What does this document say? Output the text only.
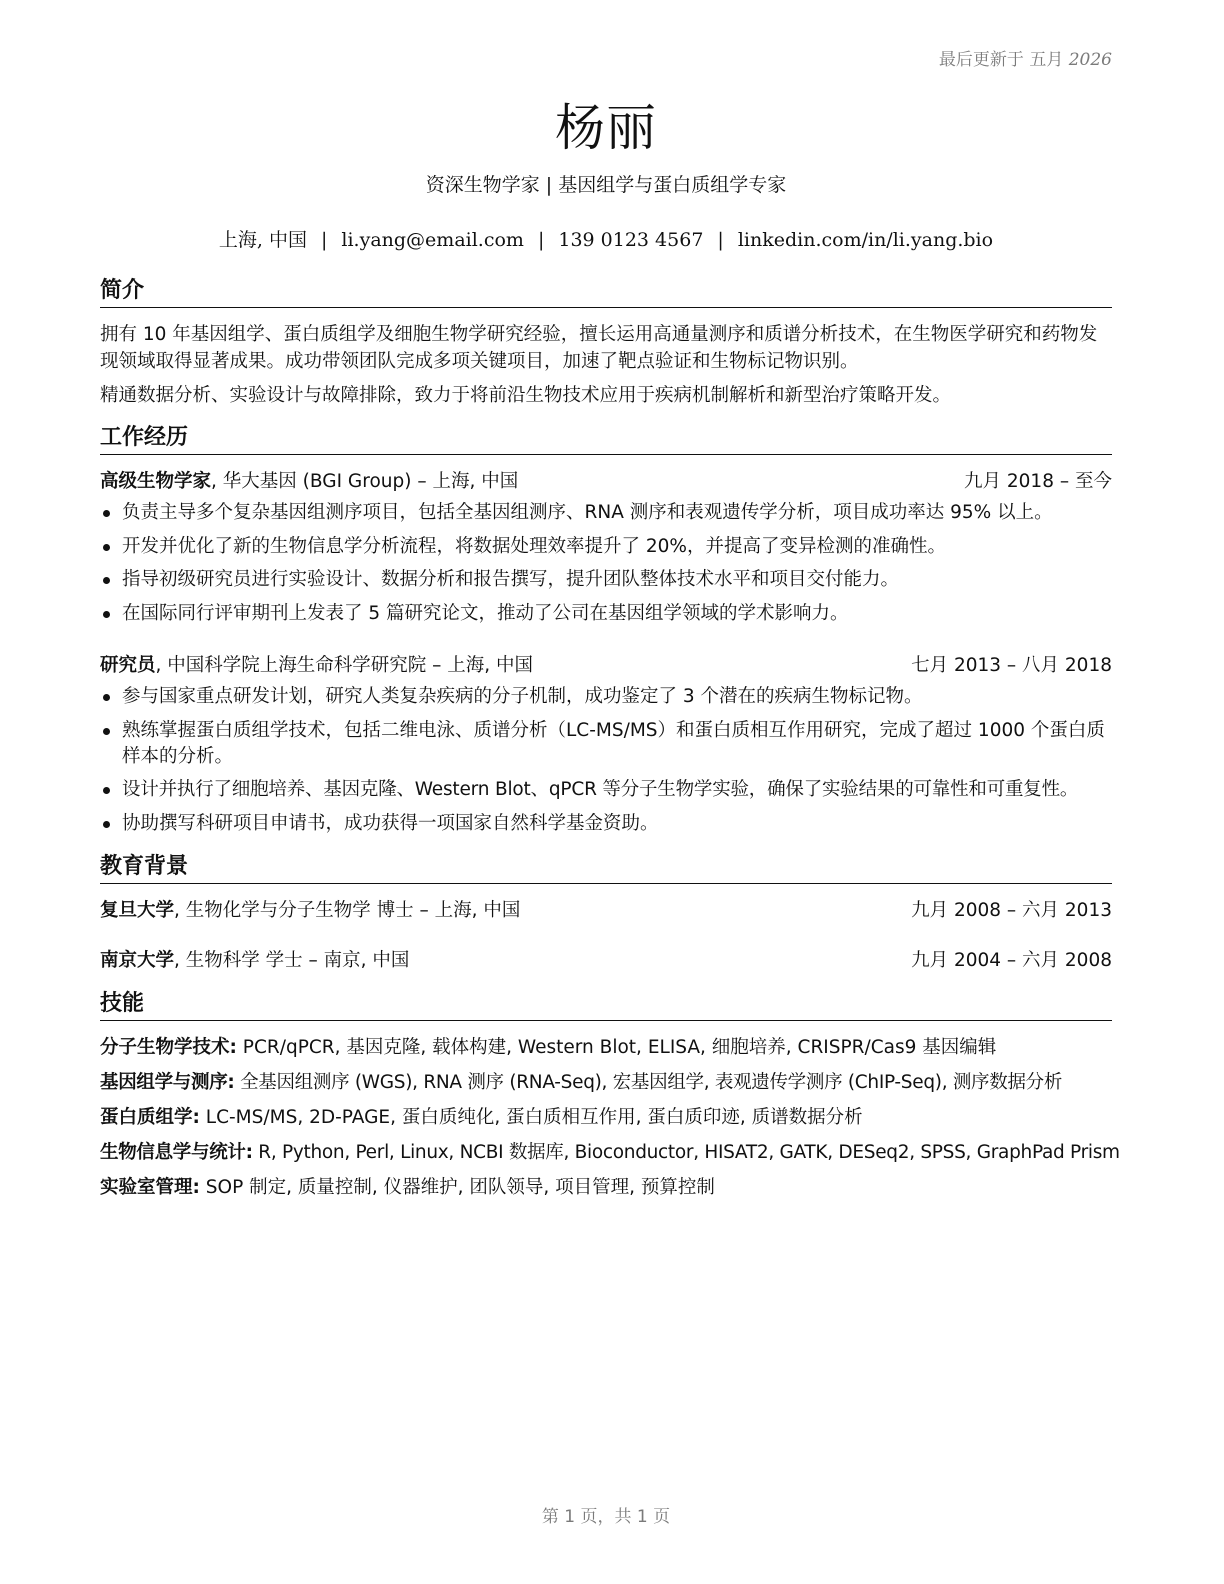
最后更新于 五月 2026
杨丽
资深生物学家 | 基因组学与蛋白质组学专家
上海, 中国 | li.yang@email.com | 139 0123 4567 | linkedin.com/in/li.yang.bio
简介
拥有 10 年基因组学、蛋白质组学及细胞生物学研究经验，擅长运用高通量测序和质谱分析技术，在生物医学研究和药物发现领域取得显著成果。成功带领团队完成多项关键项目，加速了靶点验证和生物标记物识别。
精通数据分析、实验设计与故障排除，致力于将前沿生物技术应用于疾病机制解析和新型治疗策略开发。
工作经历
高级生物学家, 华大基因 (BGI Group) – 上海, 中国	九月 2018 – 至今
负责主导多个复杂基因组测序项目，包括全基因组测序、RNA 测序和表观遗传学分析，项目成功率达 95% 以上。
开发并优化了新的生物信息学分析流程，将数据处理效率提升了 20%，并提高了变异检测的准确性。
指导初级研究员进行实验设计、数据分析和报告撰写，提升团队整体技术水平和项目交付能力。
在国际同行评审期刊上发表了 5 篇研究论文，推动了公司在基因组学领域的学术影响力。
研究员, 中国科学院上海生命科学研究院 – 上海, 中国	七月 2013 – 八月 2018
参与国家重点研发计划，研究人类复杂疾病的分子机制，成功鉴定了 3 个潜在的疾病生物标记物。
熟练掌握蛋白质组学技术，包括二维电泳、质谱分析（LC-MS/MS）和蛋白质相互作用研究，完成了超过 1000 个蛋白质样本的分析。
设计并执行了细胞培养、基因克隆、Western Blot、qPCR 等分子生物学实验，确保了实验结果的可靠性和可重复性。
协助撰写科研项目申请书，成功获得一项国家自然科学基金资助。
教育背景
复旦大学, 生物化学与分子生物学 博士 – 上海, 中国	九月 2008 – 六月 2013
南京大学, 生物科学 学士 – 南京, 中国	九月 2004 – 六月 2008
技能
分子生物学技术: PCR/qPCR, 基因克隆, 载体构建, Western Blot, ELISA, 细胞培养, CRISPR/Cas9 基因编辑
基因组学与测序: 全基因组测序 (WGS), RNA 测序 (RNA-Seq), 宏基因组学, 表观遗传学测序 (ChIP-Seq), 测序数据分析
蛋白质组学: LC-MS/MS, 2D-PAGE, 蛋白质纯化, 蛋白质相互作用, 蛋白质印迹, 质谱数据分析
生物信息学与统计: R, Python, Perl, Linux, NCBI 数据库, Bioconductor, HISAT2, GATK, DESeq2, SPSS, GraphPad Prism
实验室管理: SOP 制定, 质量控制, 仪器维护, 团队领导, 项目管理, 预算控制
第 1 页，共 1 页
